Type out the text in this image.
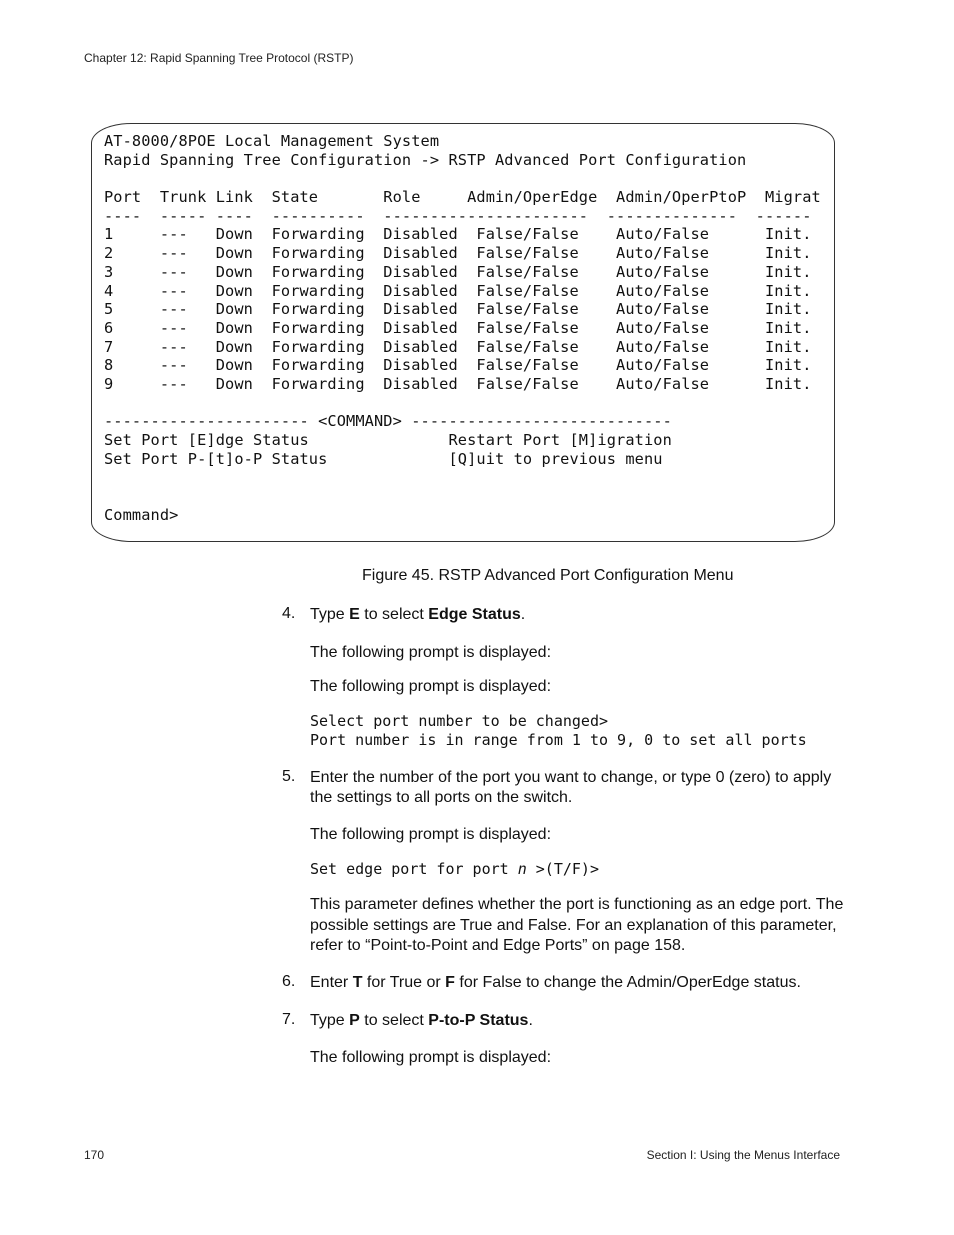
Chapter 12: Rapid Spanning Tree Protocol (RSTP)
AT-8000/8POE Local Management System
Rapid Spanning Tree Configuration -> RSTP Advanced Port Configuration
Port  Trunk Link  State       Role     Admin/OperEdge  Admin/OperPtoP  Migrat
----  ----- ----  ----------  ----------------------  --------------  ------
1     ---   Down  Forwarding  Disabled  False/False    Auto/False      Init.
2     ---   Down  Forwarding  Disabled  False/False    Auto/False      Init.
3     ---   Down  Forwarding  Disabled  False/False    Auto/False      Init.
4     ---   Down  Forwarding  Disabled  False/False    Auto/False      Init.
5     ---   Down  Forwarding  Disabled  False/False    Auto/False      Init.
6     ---   Down  Forwarding  Disabled  False/False    Auto/False      Init.
7     ---   Down  Forwarding  Disabled  False/False    Auto/False      Init.
8     ---   Down  Forwarding  Disabled  False/False    Auto/False      Init.
9     ---   Down  Forwarding  Disabled  False/False    Auto/False      Init.
---------------------- <COMMAND> ----------------------------
Set Port [E]dge Status               Restart Port [M]igration
Set Port P-[t]o-P Status             [Q]uit to previous menu
Command>
Figure 45. RSTP Advanced Port Configuration Menu
4. Type E to select Edge Status.
The following prompt is displayed:
The following prompt is displayed:
Select port number to be changed>
Port number is in range from 1 to 9, 0 to set all ports
5. Enter the number of the port you want to change, or type 0 (zero) to apply the settings to all ports on the switch.
The following prompt is displayed:
Set edge port for port n >(T/F)>
This parameter defines whether the port is functioning as an edge port. The possible settings are True and False. For an explanation of this parameter, refer to “Point-to-Point and Edge Ports” on page 158.
6. Enter T for True or F for False to change the Admin/OperEdge status.
7. Type P to select P-to-P Status.
The following prompt is displayed:
170	Section I: Using the Menus Interface
